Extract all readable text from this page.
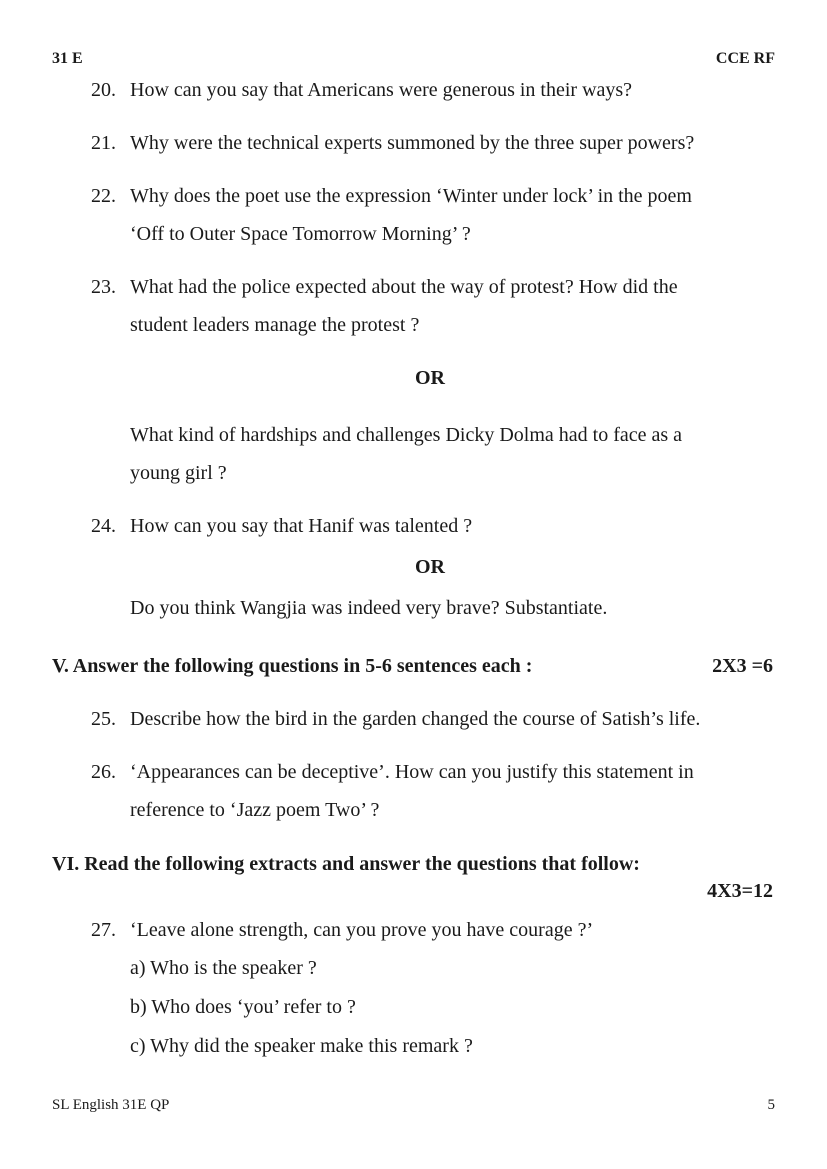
31 E	CCE RF
20. How can you say that Americans were generous in their ways?
21. Why were the technical experts summoned by the three super powers?
22. Why does the poet use the expression ‘Winter under lock’ in the poem
‘Off to Outer Space Tomorrow Morning’ ?
23. What had the police expected about the way of protest? How did the
student leaders manage the protest ?
OR
What kind of hardships and challenges Dicky Dolma had to face as a
young girl ?
24. How can you say that Hanif was talented ?
OR
Do you think Wangjia was indeed very brave? Substantiate.
V. Answer the following questions in 5-6 sentences each :	2X3 =6
25. Describe how the bird in the garden changed the course of Satish’s life.
26. ‘Appearances can be deceptive’. How can you justify this statement in
reference to ‘Jazz poem Two’ ?
VI. Read the following extracts and answer the questions that follow:
4X3=12
27. ‘Leave alone strength, can you prove you have courage ?’
a) Who is the speaker ?
b) Who does ‘you’ refer to ?
c) Why did the speaker make this remark ?
SL English 31E QP	5
